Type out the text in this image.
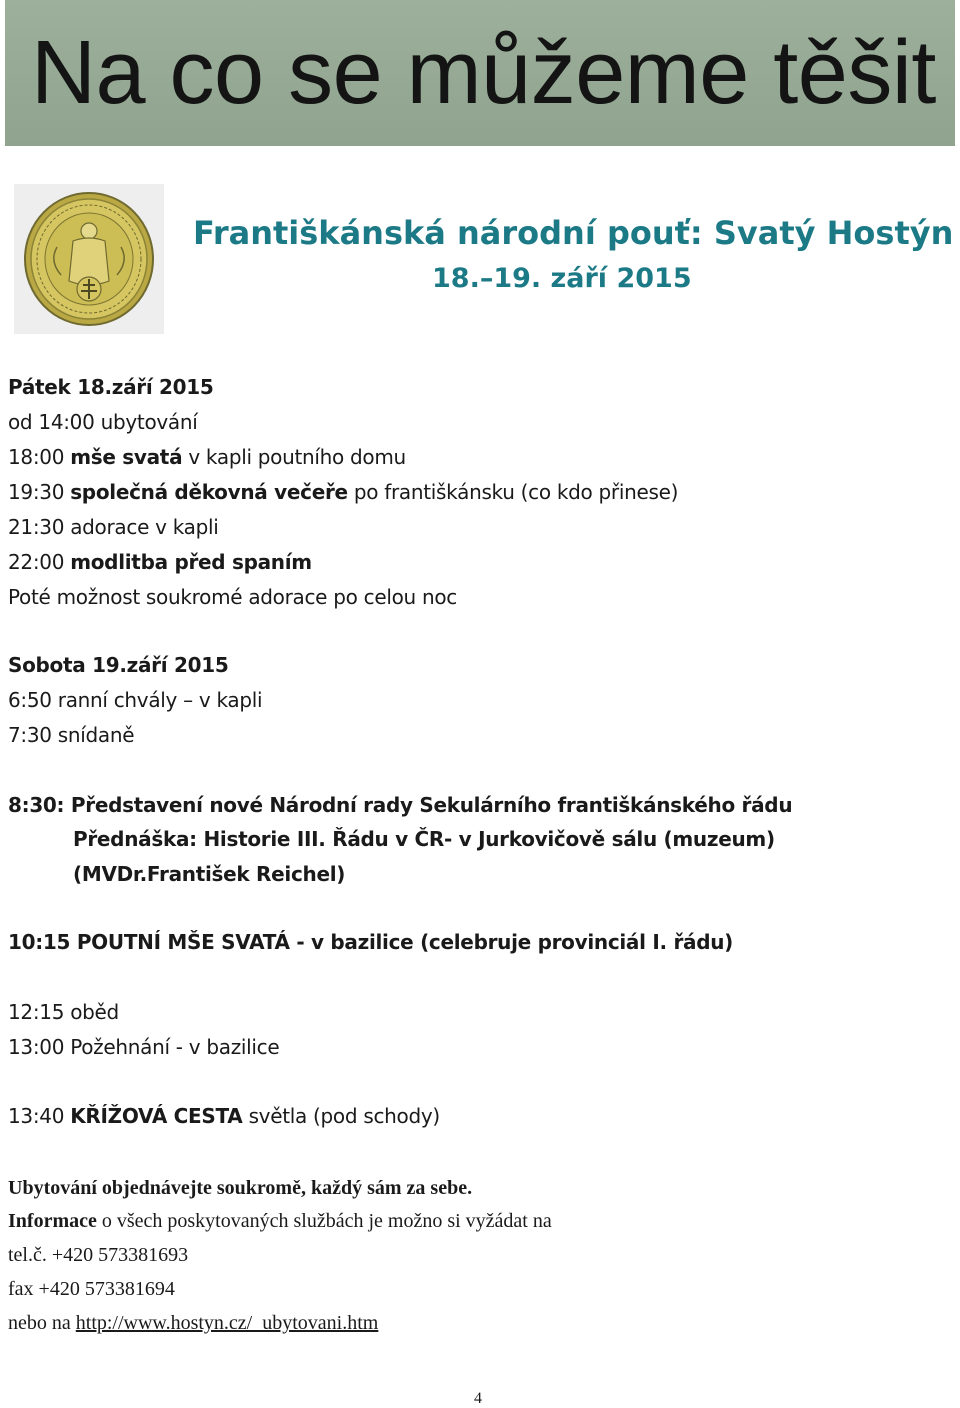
Na co se můžeme těšit
Františkánská národní pouť: Svatý Hostýn
18.–19. září 2015
Pátek 18.září 2015
od 14:00 ubytování
18:00 mše svatá v kapli poutního domu
19:30 společná děkovná večeře po františkánsku (co kdo přinese)
21:30 adorace v kapli
22:00 modlitba před spaním
Poté možnost soukromé adorace po celou noc
Sobota 19.září 2015
6:50 ranní chvály – v kapli
7:30 snídaně
8:30: Představení nové Národní rady Sekulárního františkánského řádu
Přednáška: Historie III. Řádu v ČR- v Jurkovičově sálu (muzeum)
(MVDr.František Reichel)
10:15 POUTNÍ MŠE SVATÁ - v bazilice (celebruje provinciál I. řádu)
12:15 oběd
13:00 Požehnání - v bazilice
13:40 KŘÍŽOVÁ CESTA světla (pod schody)
Ubytování objednávejte soukromě, každý sám za sebe.
Informace o všech poskytovaných službách je možno si vyžádat na
tel.č. +420 573381693
fax +420 573381694
nebo na http://www.hostyn.cz/_ubytovani.htm
4
